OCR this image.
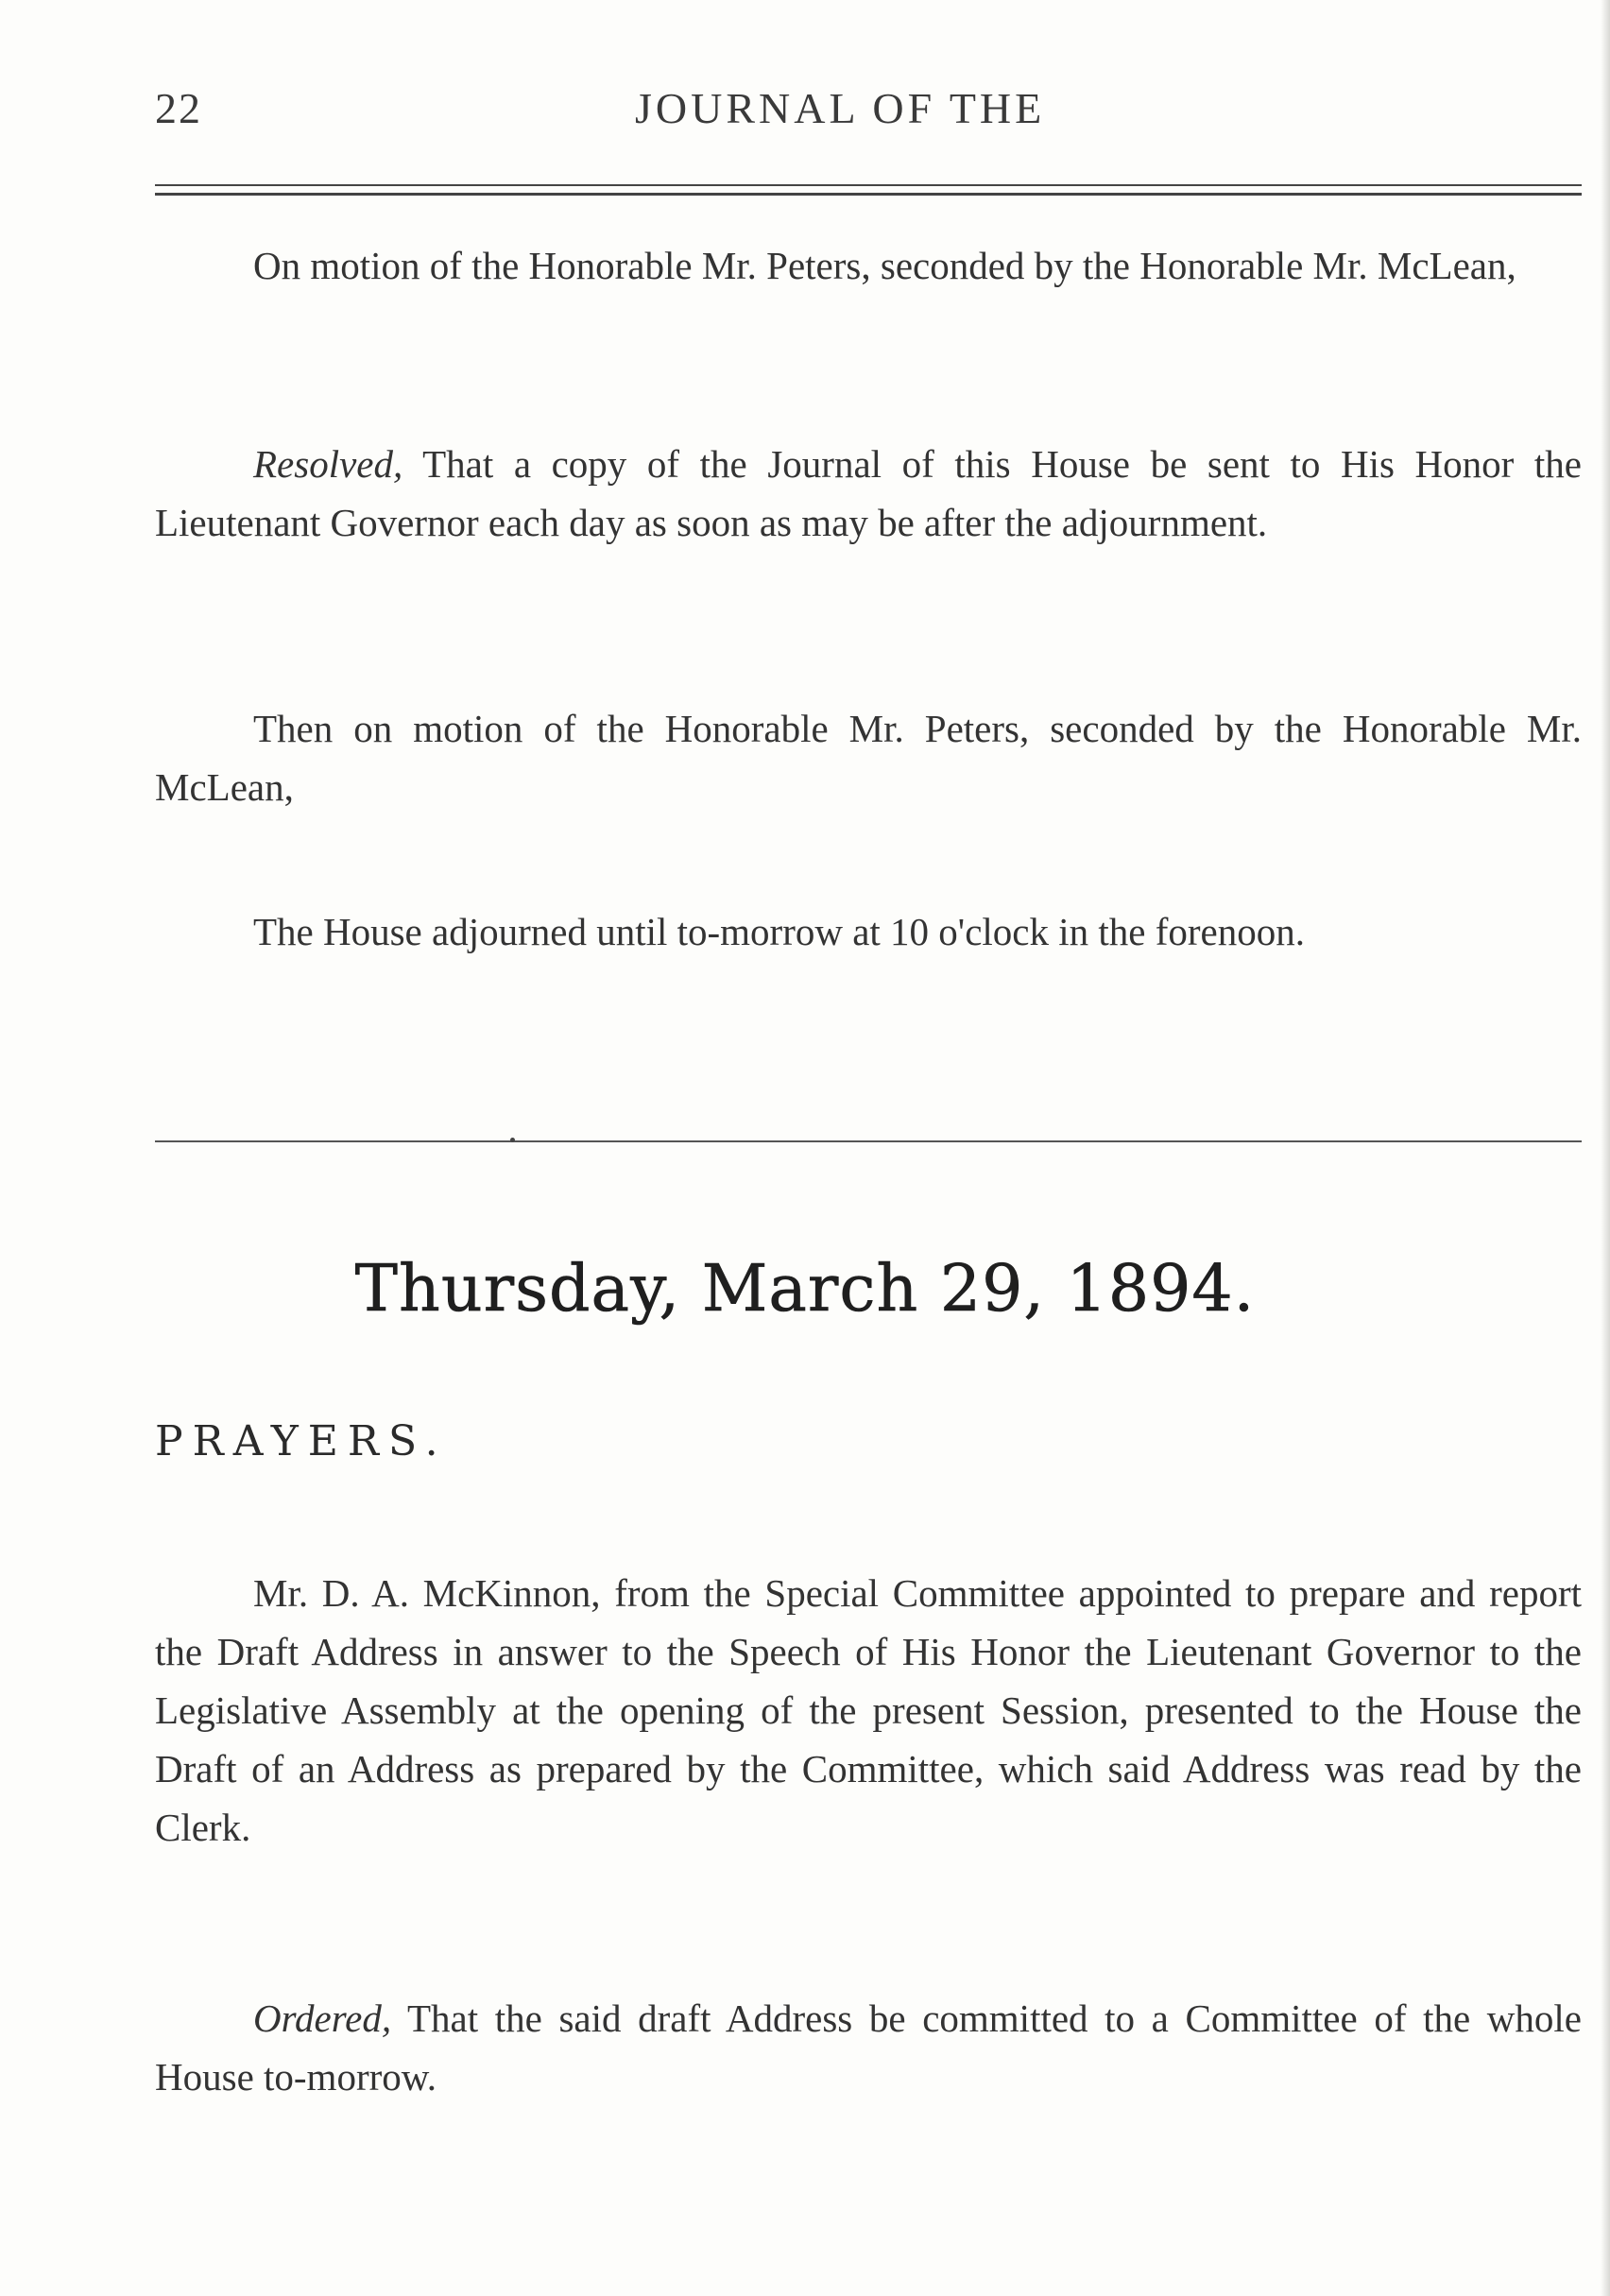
22	JOURNAL OF THE

On motion of the Honorable Mr. Peters, seconded by the Honorable Mr. McLean,

Resolved, That a copy of the Journal of this House be sent to His Honor the Lieutenant Governor each day as soon as may be after the adjournment.

Then on motion of the Honorable Mr. Peters, seconded by the Honorable Mr. McLean,

The House adjourned until to-morrow at 10 o'clock in the forenoon.

Thursday, March 29, 1894.
PRAYERS.

Mr. D. A. McKinnon, from the Special Committee appointed to prepare and report the Draft Address in answer to the Speech of His Honor the Lieutenant Governor to the Legislative Assembly at the opening of the present Session, presented to the House the Draft of an Address as prepared by the Committee, which said Address was read by the Clerk.

Ordered, That the said draft Address be committed to a Committee of the whole House to-morrow.
